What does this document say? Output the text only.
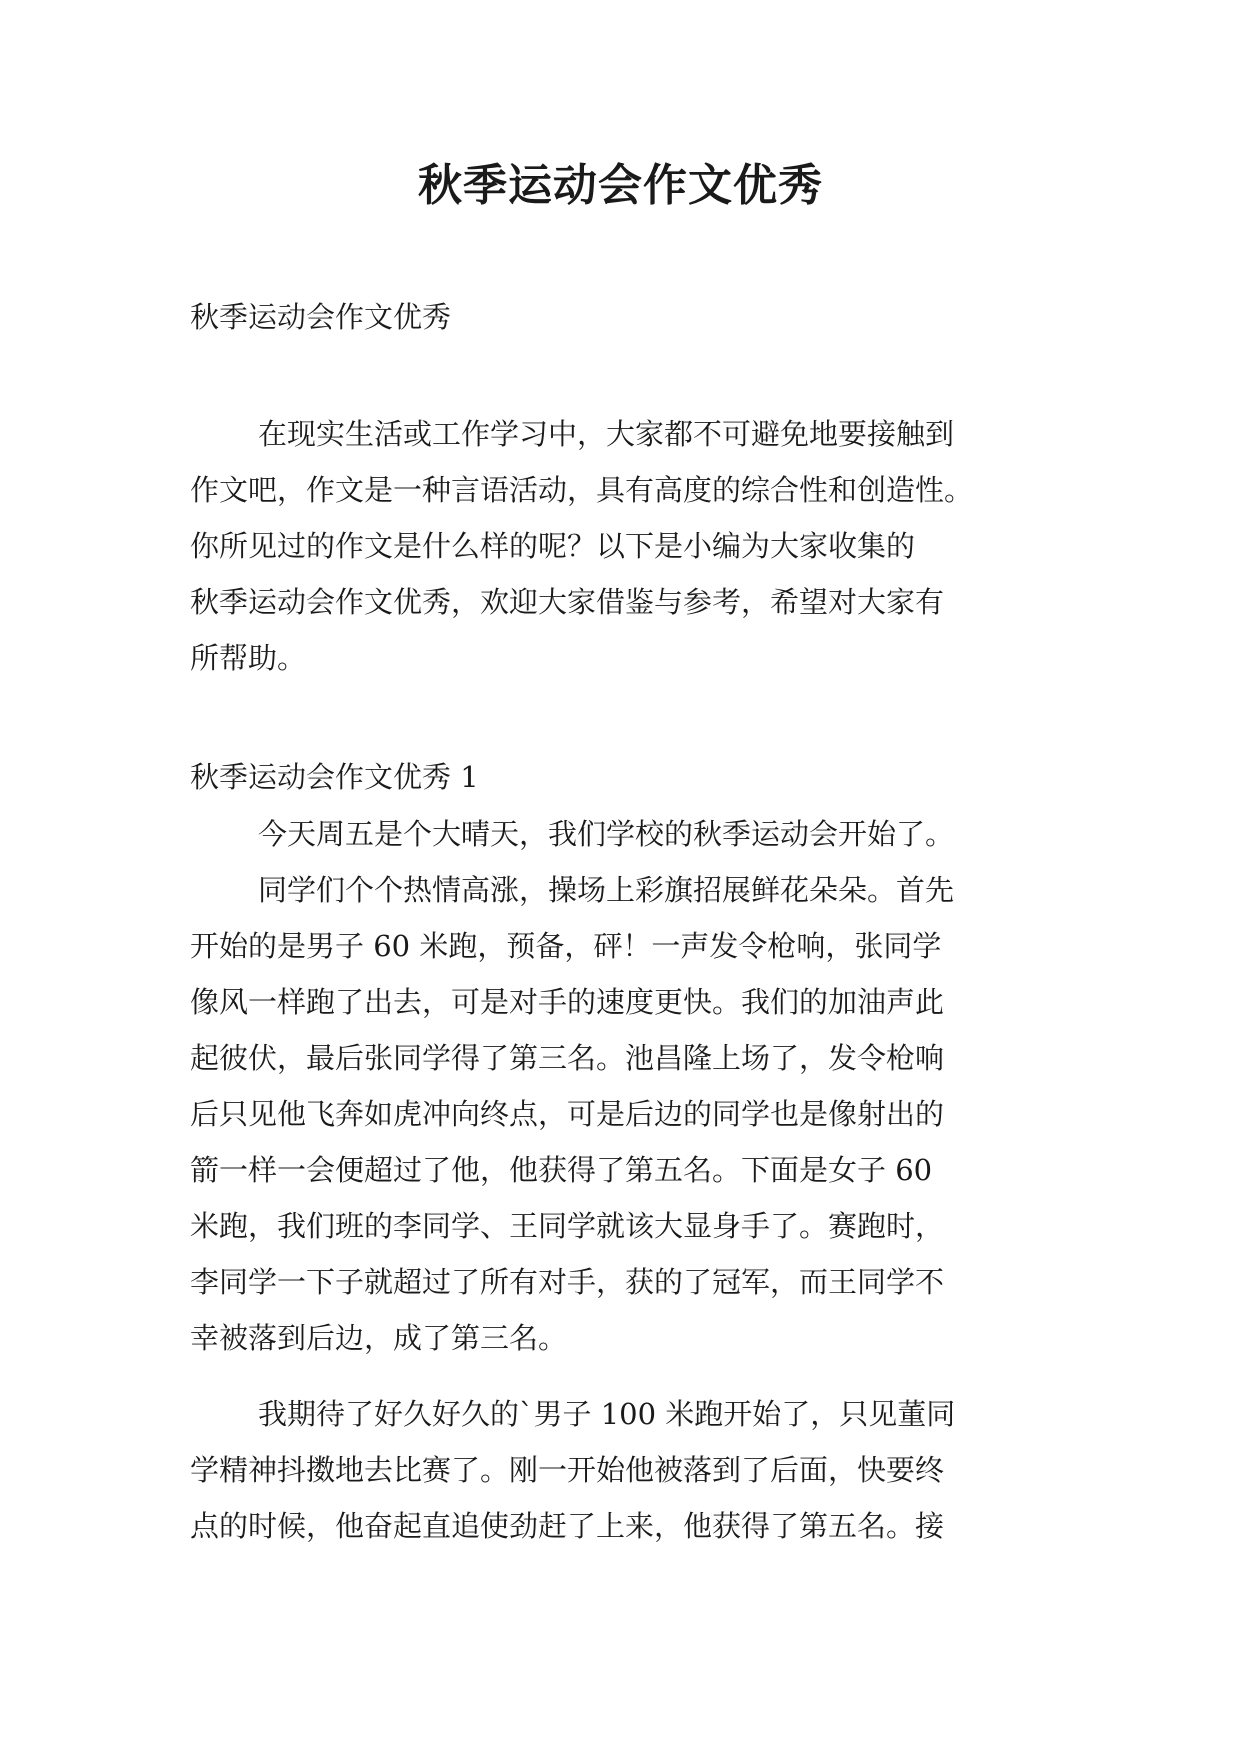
秋季运动会作文优秀

秋季运动会作文优秀

在现实生活或工作学习中，大家都不可避免地要接触到

作文吧，作文是一种言语活动，具有高度的综合性和创造性。

你所见过的作文是什么样的呢？以下是小编为大家收集的

秋季运动会作文优秀，欢迎大家借鉴与参考，希望对大家有

所帮助。

秋季运动会作文优秀 1

今天周五是个大晴天，我们学校的秋季运动会开始了。

同学们个个热情高涨，操场上彩旗招展鲜花朵朵。首先

开始的是男子 60 米跑，预备，砰！一声发令枪响，张同学

像风一样跑了出去，可是对手的速度更快。我们的加油声此

起彼伏，最后张同学得了第三名。池昌隆上场了，发令枪响

后只见他飞奔如虎冲向终点，可是后边的同学也是像射出的

箭一样一会便超过了他，他获得了第五名。下面是女子 60

米跑，我们班的李同学、王同学就该大显身手了。赛跑时，

李同学一下子就超过了所有对手，获的了冠军，而王同学不

幸被落到后边，成了第三名。

我期待了好久好久的`男子 100 米跑开始了，只见董同

学精神抖擞地去比赛了。刚一开始他被落到了后面，快要终

点的时候，他奋起直追使劲赶了上来，他获得了第五名。接
